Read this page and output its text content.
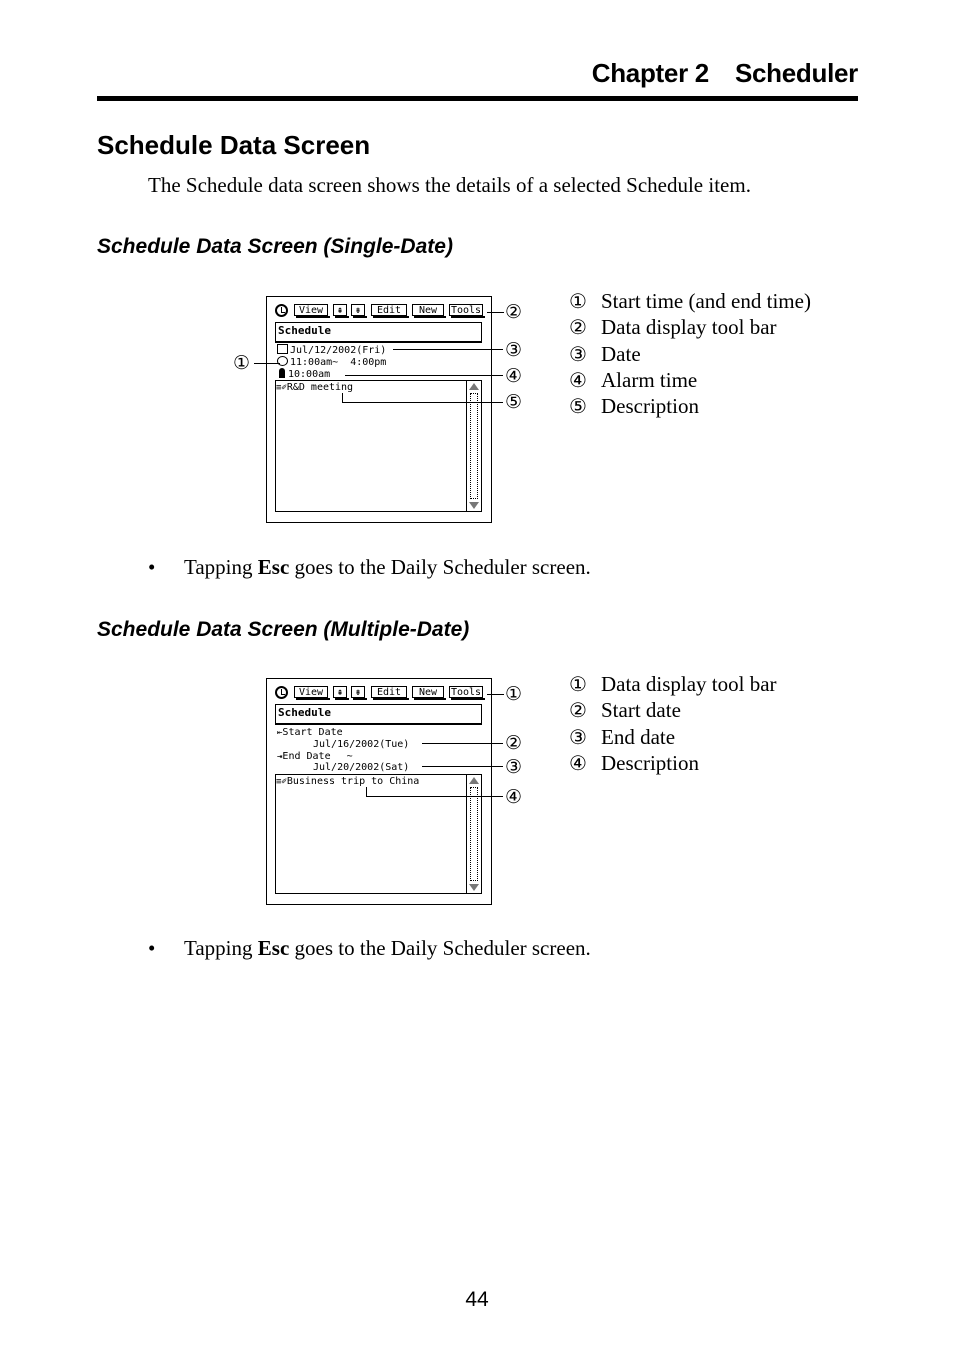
Chapter 2 Scheduler
Schedule Data Screen
The Schedule data screen shows the details of a selected Schedule item.
Schedule Data Screen (Single-Date)
View	⇞	⇟	Edit	New	Tools
Schedule
Jul/12/2002(Fri)
11:00am~  4:00pm
10:00am
≡✐R&D meeting
①
②
③
④
⑤
① Start time (and end time)
② Data display tool bar
③ Date
④ Alarm time
⑤ Description
• Tapping Esc goes to the Daily Scheduler screen.
Schedule Data Screen (Multiple-Date)
View	⇞	⇟	Edit	New	Tools
Schedule
⇤Start Date
Jul/16/2002(Tue)
⇥End Date ~
Jul/20/2002(Sat)
≡✐Business trip to China
①
②
③
④
① Data display tool bar
② Start date
③ End date
④ Description
• Tapping Esc goes to the Daily Scheduler screen.
44
